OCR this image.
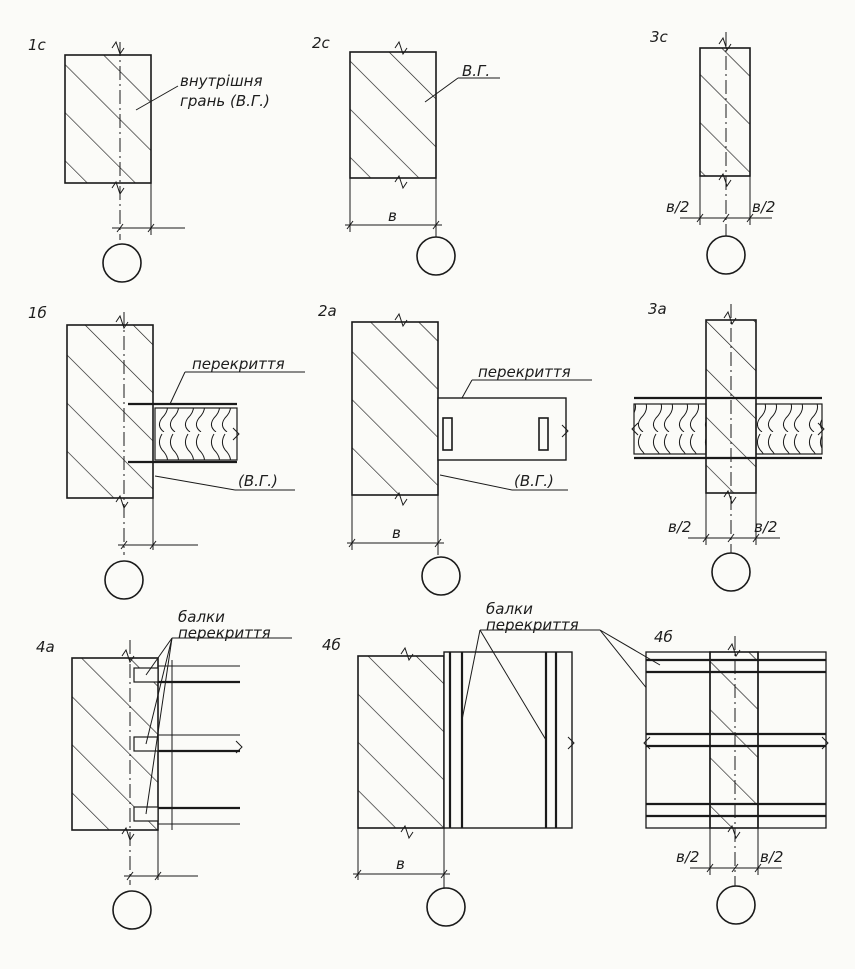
1с
внутрішня
грань (В.Г.)
2с
в
В.Г.
3с
в/2	в/2
1б
перекриття
(В.Г.)
2а
в
перекриття
(В.Г.)
3а
в/2	в/2
4а
балки
перекриття
4б
в
балки
перекриття
4б
в/2	в/2
